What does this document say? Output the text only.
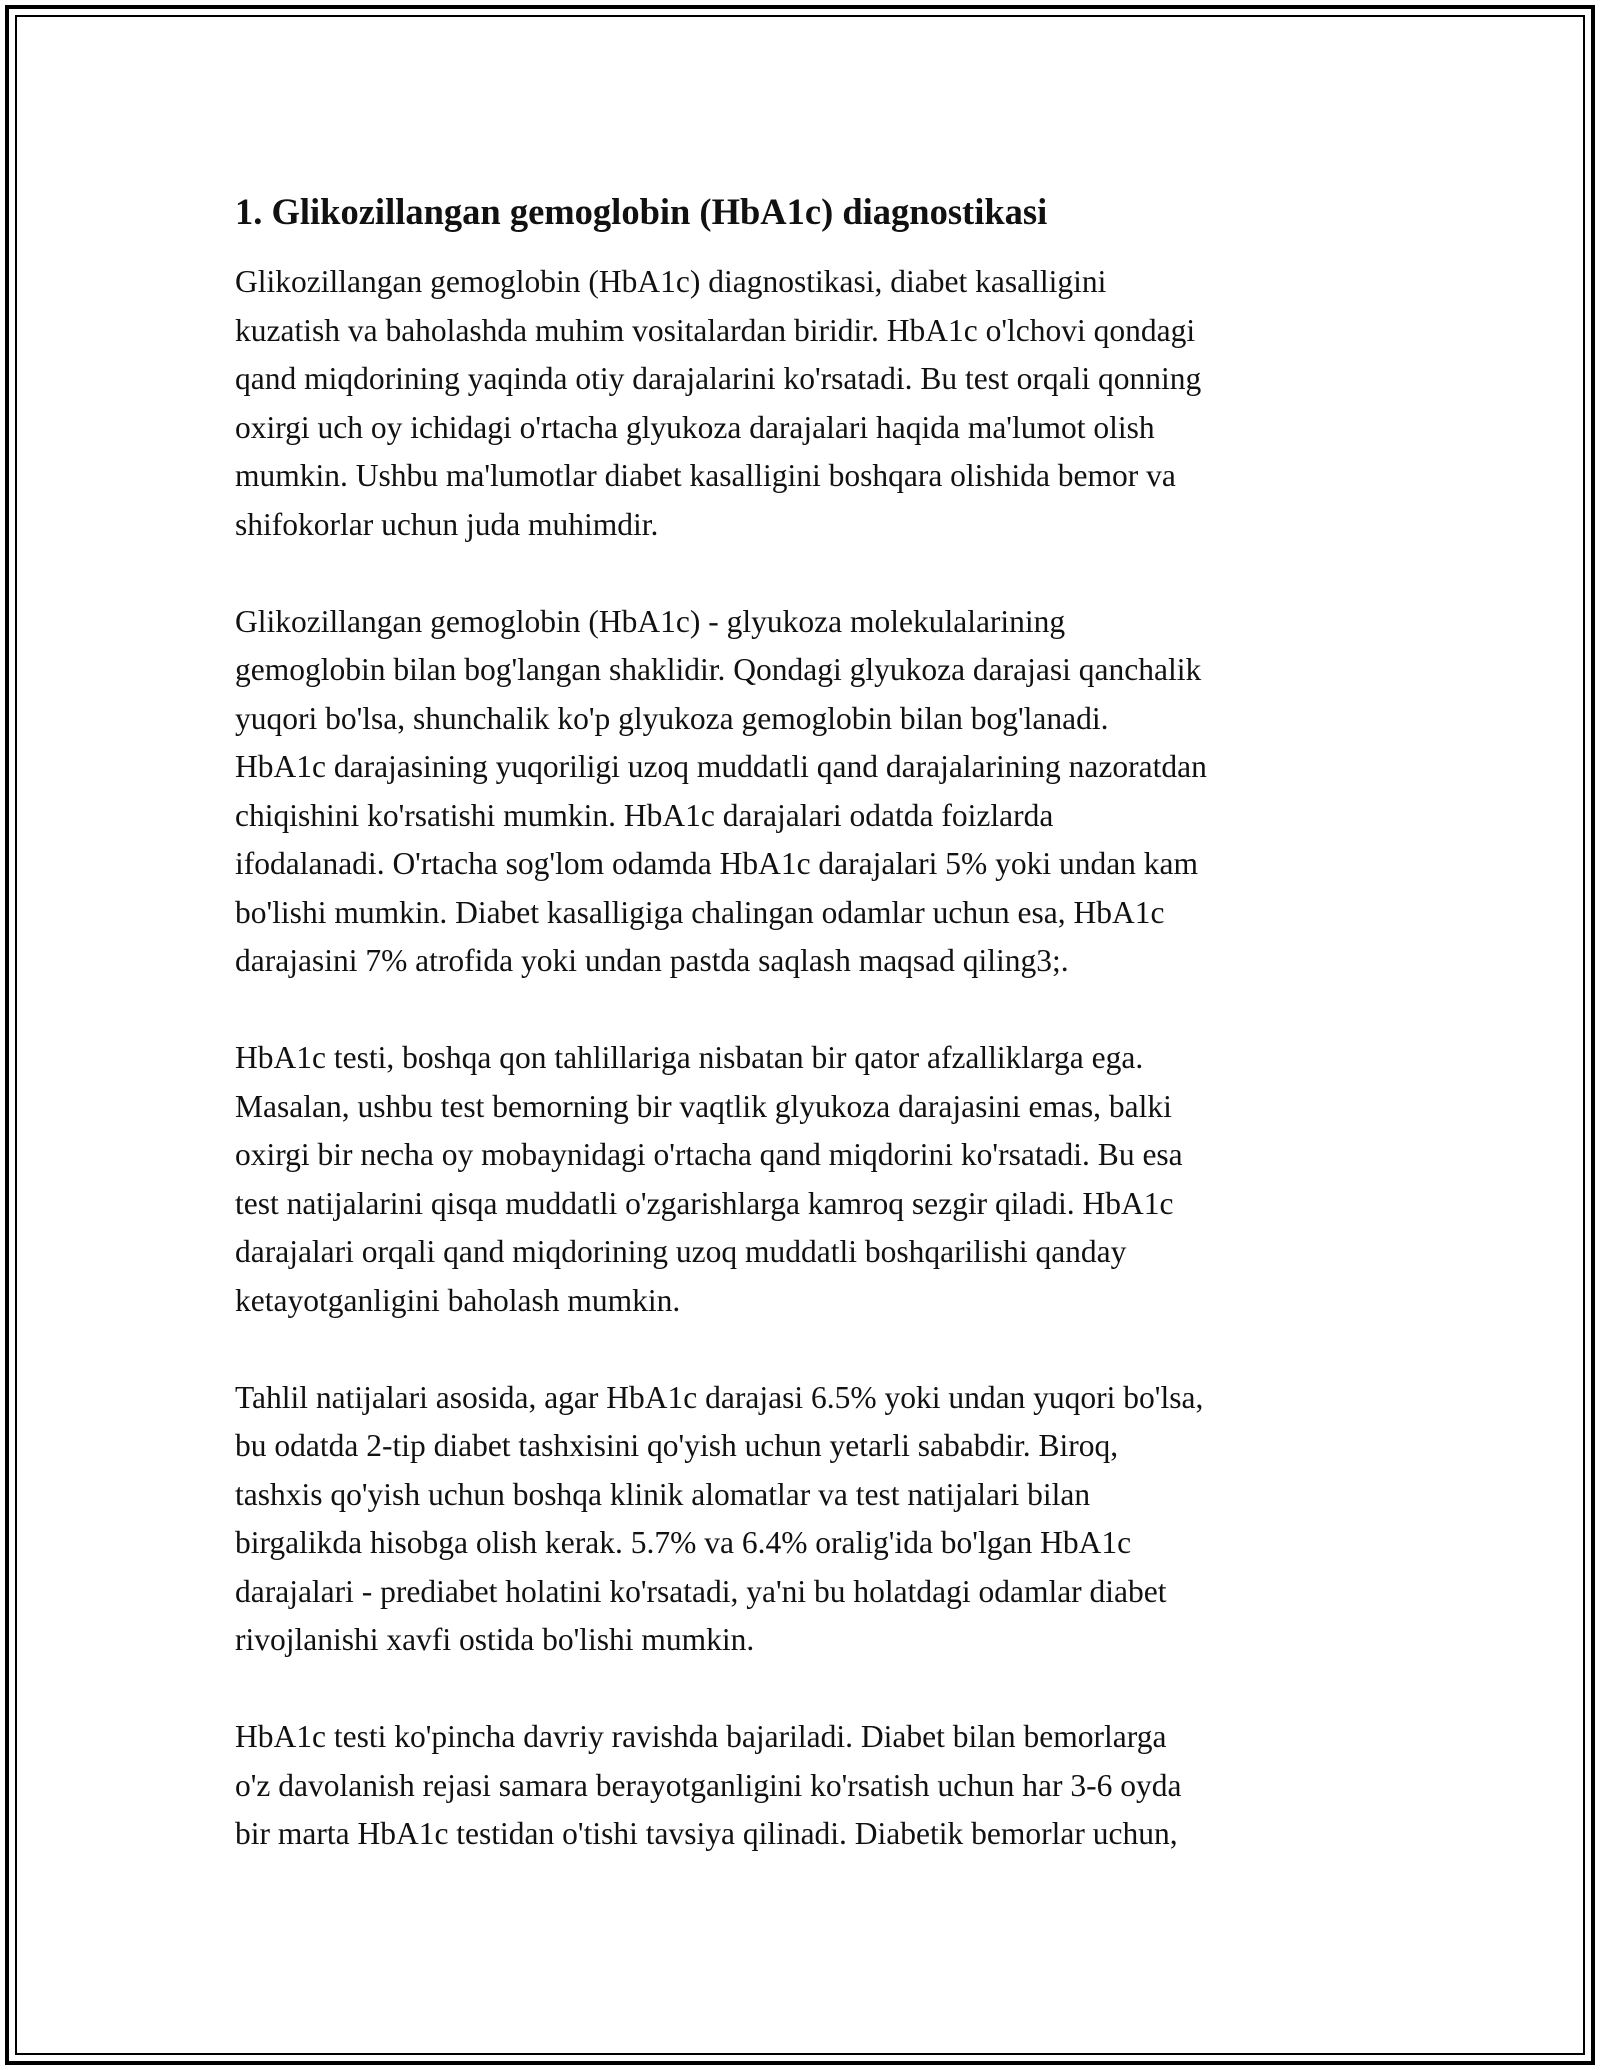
1. Glikozillangan gemoglobin (HbA1c) diagnostikasi

Glikozillangan gemoglobin (HbA1c) diagnostikasi, diabet kasalligini
kuzatish va baholashda muhim vositalardan biridir. HbA1c o'lchovi qondagi
qand miqdorining yaqinda otiy darajalarini ko'rsatadi. Bu test orqali qonning
oxirgi uch oy ichidagi o'rtacha glyukoza darajalari haqida ma'lumot olish
mumkin. Ushbu ma'lumotlar diabet kasalligini boshqara olishida bemor va
shifokorlar uchun juda muhimdir.

Glikozillangan gemoglobin (HbA1c) - glyukoza molekulalarining
gemoglobin bilan bog'langan shaklidir. Qondagi glyukoza darajasi qanchalik
yuqori bo'lsa, shunchalik ko'p glyukoza gemoglobin bilan bog'lanadi.
HbA1c darajasining yuqoriligi uzoq muddatli qand darajalarining nazoratdan
chiqishini ko'rsatishi mumkin. HbA1c darajalari odatda foizlarda
ifodalanadi. O'rtacha sog'lom odamda HbA1c darajalari 5% yoki undan kam
bo'lishi mumkin. Diabet kasalligiga chalingan odamlar uchun esa, HbA1c
darajasini 7% atrofida yoki undan pastda saqlash maqsad qiling3;.

HbA1c testi, boshqa qon tahlillariga nisbatan bir qator afzalliklarga ega.
Masalan, ushbu test bemorning bir vaqtlik glyukoza darajasini emas, balki
oxirgi bir necha oy mobaynidagi o'rtacha qand miqdorini ko'rsatadi. Bu esa
test natijalarini qisqa muddatli o'zgarishlarga kamroq sezgir qiladi. HbA1c
darajalari orqali qand miqdorining uzoq muddatli boshqarilishi qanday
ketayotganligini baholash mumkin.

Tahlil natijalari asosida, agar HbA1c darajasi 6.5% yoki undan yuqori bo'lsa,
bu odatda 2-tip diabet tashxisini qo'yish uchun yetarli sababdir. Biroq,
tashxis qo'yish uchun boshqa klinik alomatlar va test natijalari bilan
birgalikda hisobga olish kerak. 5.7% va 6.4% oralig'ida bo'lgan HbA1c
darajalari - prediabet holatini ko'rsatadi, ya'ni bu holatdagi odamlar diabet
rivojlanishi xavfi ostida bo'lishi mumkin.

HbA1c testi ko'pincha davriy ravishda bajariladi. Diabet bilan bemorlarga
o'z davolanish rejasi samara berayotganligini ko'rsatish uchun har 3-6 oyda
bir marta HbA1c testidan o'tishi tavsiya qilinadi. Diabetik bemorlar uchun,
